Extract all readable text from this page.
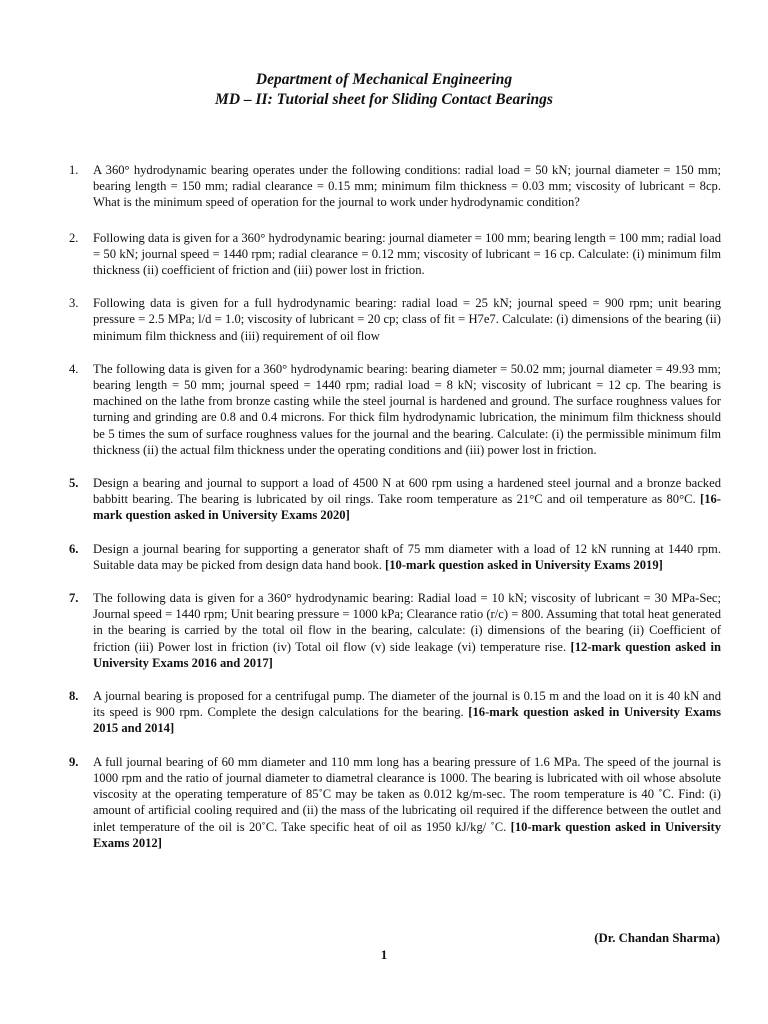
Department of Mechanical Engineering
MD – II: Tutorial sheet for Sliding Contact Bearings
1. A 360° hydrodynamic bearing operates under the following conditions: radial load = 50 kN; journal diameter = 150 mm; bearing length = 150 mm; radial clearance = 0.15 mm; minimum film thickness = 0.03 mm; viscosity of lubricant = 8cp. What is the minimum speed of operation for the journal to work under hydrodynamic condition?
2. Following data is given for a 360° hydrodynamic bearing: journal diameter = 100 mm; bearing length = 100 mm; radial load = 50 kN; journal speed = 1440 rpm; radial clearance = 0.12 mm; viscosity of lubricant = 16 cp. Calculate: (i) minimum film thickness (ii) coefficient of friction and (iii) power lost in friction.
3. Following data is given for a full hydrodynamic bearing: radial load = 25 kN; journal speed = 900 rpm; unit bearing pressure = 2.5 MPa; l/d = 1.0; viscosity of lubricant = 20 cp; class of fit = H7e7. Calculate: (i) dimensions of the bearing (ii) minimum film thickness and (iii) requirement of oil flow
4. The following data is given for a 360° hydrodynamic bearing: bearing diameter = 50.02 mm; journal diameter = 49.93 mm; bearing length = 50 mm; journal speed = 1440 rpm; radial load = 8 kN; viscosity of lubricant = 12 cp. The bearing is machined on the lathe from bronze casting while the steel journal is hardened and ground. The surface roughness values for turning and grinding are 0.8 and 0.4 microns. For thick film hydrodynamic lubrication, the minimum film thickness should be 5 times the sum of surface roughness values for the journal and the bearing. Calculate: (i) the permissible minimum film thickness (ii) the actual film thickness under the operating conditions and (iii) power lost in friction.
5. Design a bearing and journal to support a load of 4500 N at 600 rpm using a hardened steel journal and a bronze backed babbitt bearing. The bearing is lubricated by oil rings. Take room temperature as 21°C and oil temperature as 80°C. [16-mark question asked in University Exams 2020]
6. Design a journal bearing for supporting a generator shaft of 75 mm diameter with a load of 12 kN running at 1440 rpm. Suitable data may be picked from design data hand book. [10-mark question asked in University Exams 2019]
7. The following data is given for a 360° hydrodynamic bearing: Radial load = 10 kN; viscosity of lubricant = 30 MPa-Sec; Journal speed = 1440 rpm; Unit bearing pressure = 1000 kPa; Clearance ratio (r/c) = 800. Assuming that total heat generated in the bearing is carried by the total oil flow in the bearing, calculate: (i) dimensions of the bearing (ii) Coefficient of friction (iii) Power lost in friction (iv) Total oil flow (v) side leakage (vi) temperature rise. [12-mark question asked in University Exams 2016 and 2017]
8. A journal bearing is proposed for a centrifugal pump. The diameter of the journal is 0.15 m and the load on it is 40 kN and its speed is 900 rpm. Complete the design calculations for the bearing. [16-mark question asked in University Exams 2015 and 2014]
9. A full journal bearing of 60 mm diameter and 110 mm long has a bearing pressure of 1.6 MPa. The speed of the journal is 1000 rpm and the ratio of journal diameter to diametral clearance is 1000. The bearing is lubricated with oil whose absolute viscosity at the operating temperature of 85˚C may be taken as 0.012 kg/m-sec. The room temperature is 40 ˚C. Find: (i) amount of artificial cooling required and (ii) the mass of the lubricating oil required if the difference between the outlet and inlet temperature of the oil is 20˚C. Take specific heat of oil as 1950 kJ/kg/ ˚C. [10-mark question asked in University Exams 2012]
(Dr. Chandan Sharma)
1
